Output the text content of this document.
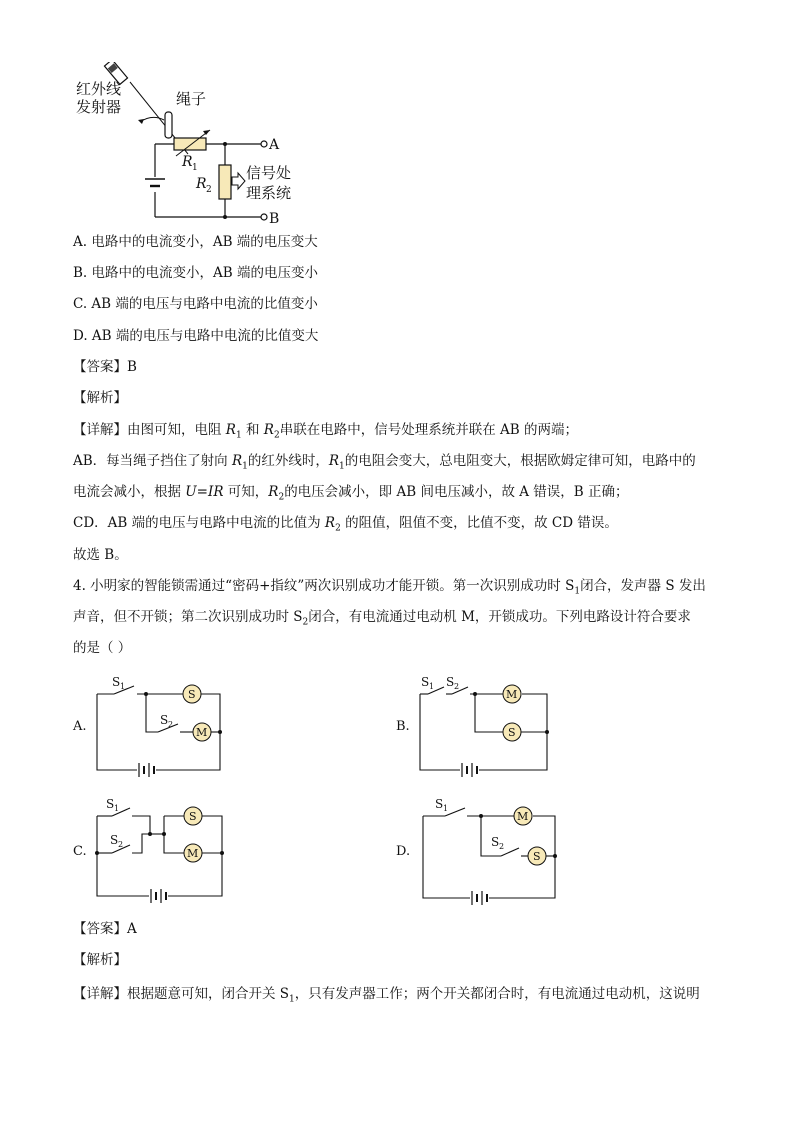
红外线
发射器	绳子
A
B
R 1
R 2
信号处
理系统
A. 电路中的电流变小，AB 端的电压变大
B. 电路中的电流变小，AB 端的电压变小
C. AB 端的电压与电路中电流的比值变小
D. AB 端的电压与电路中电流的比值变大
【答案】B
【解析】
【详解】由图可知，电阻 $R_1$ 和 $R_2$串联在电路中，信号处理系统并联在 AB 的两端；
AB．每当绳子挡住了射向 $R_1$的红外线时，$R_1$的电阻会变大，总电阻变大，根据欧姆定律可知，电路中的
电流会减小，根据 U=IR 可知，$R_2$的电压会减小，即 AB 间电压减小，故 A 错误，B 正确；
CD．AB 端的电压与电路中电流的比值为 $R_2$ 的阻值，阻值不变，比值不变，故 CD 错误。
故选 B。
4. 小明家的智能锁需通过“密码+指纹”两次识别成功才能开锁。第一次识别成功时 $S_1$闭合，发声器 S 发出
声音，但不开锁；第二次识别成功时 $S_2$闭合，有电流通过电动机 M，开锁成功。下列电路设计符合要求
的是（ ）
A.
S
S 1
S 2
M	B.
S 1 S 2
M
S
C.
S 1
S 2
S
M	D.
S 1
M
S 2
S
【答案】A
【解析】
【详解】根据题意可知，闭合开关 $S_1$，只有发声器工作；两个开关都闭合时，有电流通过电动机，这说明
